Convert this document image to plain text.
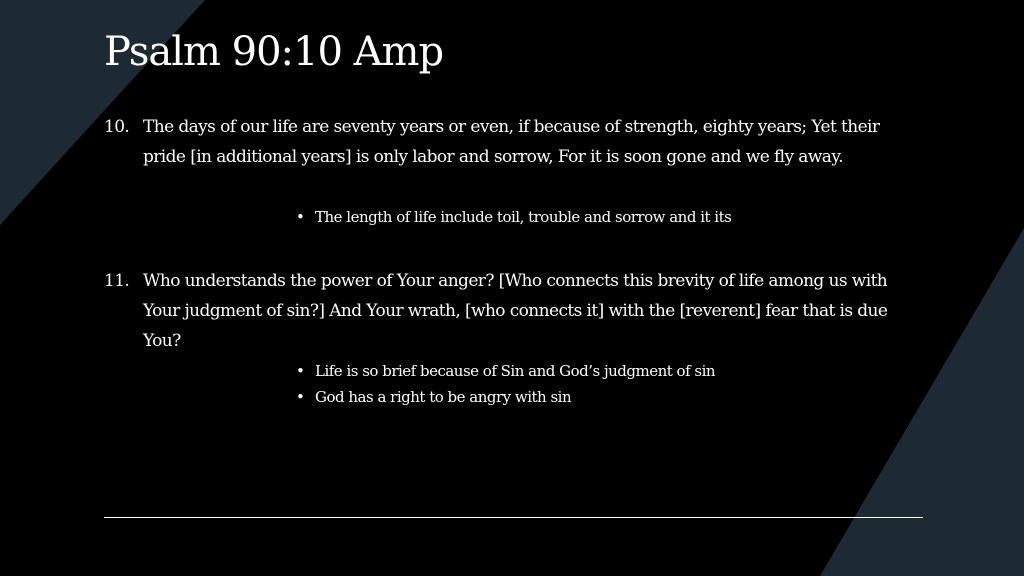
Psalm 90:10 Amp
10. The days of our life are seventy years or even, if because of strength, eighty years; Yet their pride [in additional years] is only labor and sorrow, For it is soon gone and we fly away.
• The length of life include toil, trouble and sorrow and it its
11. Who understands the power of Your anger? [Who connects this brevity of life among us with Your judgment of sin?] And Your wrath, [who connects it] with the [reverent] fear that is due You?
• Life is so brief because of Sin and God’s judgment of sin
• God has a right to be angry with sin
